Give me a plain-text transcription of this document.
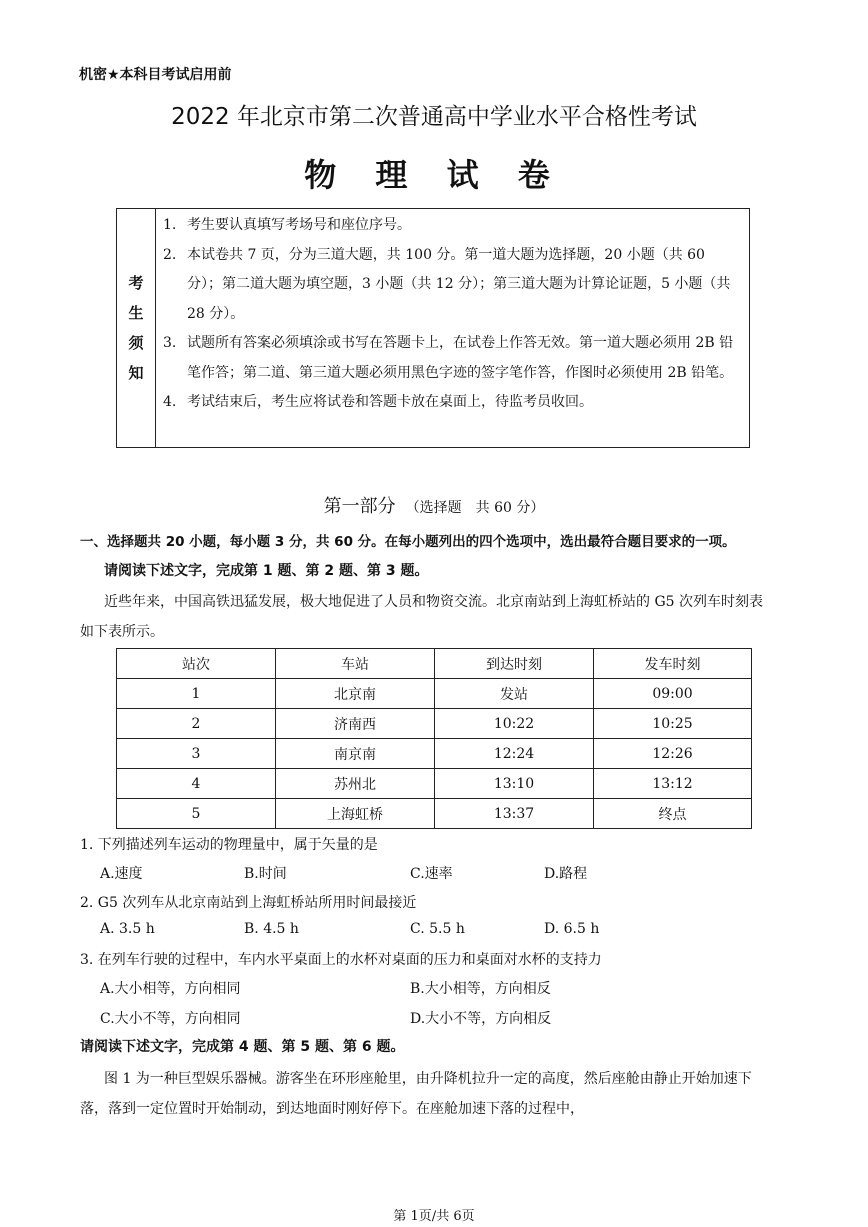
机密★本科目考试启用前
2022 年北京市第二次普通高中学业水平合格性考试
物 理 试 卷
考
生
须
知
1. 考生要认真填写考场号和座位序号。
2. 本试卷共 7 页，分为三道大题，共 100 分。第一道大题为选择题，20 小题（共 60 分）；第二道大题为填空题，3 小题（共 12 分）；第三道大题为计算论证题，5 小题（共 28 分）。
3. 试题所有答案必须填涂或书写在答题卡上，在试卷上作答无效。第一道大题必须用 2B 铅笔作答；第二道、第三道大题必须用黑色字迹的签字笔作答，作图时必须使用 2B 铅笔。
4. 考试结束后，考生应将试卷和答题卡放在桌面上，待监考员收回。
第一部分 （选择题　共 60 分）
一、选择题共 20 小题，每小题 3 分，共 60 分。在每小题列出的四个选项中，选出最符合题目要求的一项。
请阅读下述文字，完成第 1 题、第 2 题、第 3 题。
近些年来，中国高铁迅猛发展，极大地促进了人员和物资交流。北京南站到上海虹桥站的 G5 次列车时刻表如下表所示。
站次	车站	到达时刻	发车时刻
1	北京南	发站	09:00
2	济南西	10:22	10:25
3	南京南	12:24	12:26
4	苏州北	13:10	13:12
5	上海虹桥	13:37	终点
1. 下列描述列车运动的物理量中，属于矢量的是
A.速度	B.时间	C.速率	D.路程
2. G5 次列车从北京南站到上海虹桥站所用时间最接近
A. 3.5 h	B. 4.5 h	C. 5.5 h	D. 6.5 h
3. 在列车行驶的过程中，车内水平桌面上的水杯对桌面的压力和桌面对水杯的支持力
A.大小相等，方向相同	B.大小相等，方向相反
C.大小不等，方向相同	D.大小不等，方向相反
请阅读下述文字，完成第 4 题、第 5 题、第 6 题。
图 1 为一种巨型娱乐器械。游客坐在环形座舱里，由升降机拉升一定的高度，然后座舱由静止开始加速下落，落到一定位置时开始制动，到达地面时刚好停下。在座舱加速下落的过程中，
第 1页/共 6页
